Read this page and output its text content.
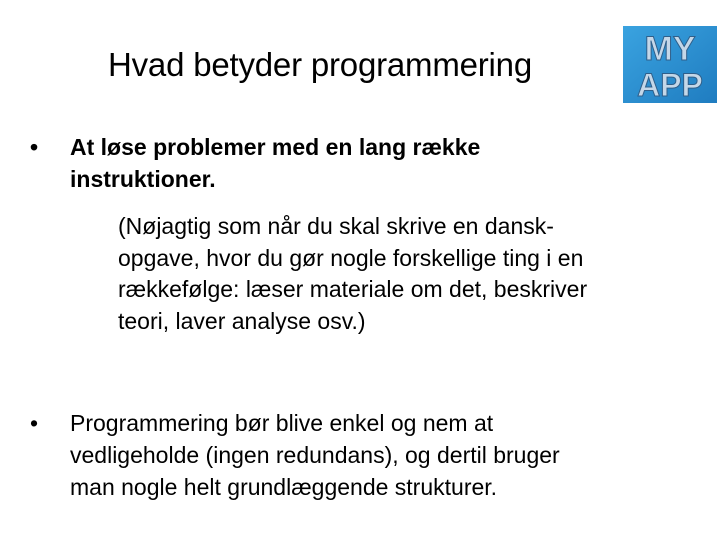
Hvad betyder programmering	MY
APP
• At løse problemer med en lang række
instruktioner.
(Nøjagtig som når du skal skrive en dansk-
opgave, hvor du gør nogle forskellige ting i en
rækkefølge: læser materiale om det, beskriver
teori, laver analyse osv.)
• Programmering bør blive enkel og nem at
vedligeholde (ingen redundans), og dertil bruger
man nogle helt grundlæggende strukturer.
